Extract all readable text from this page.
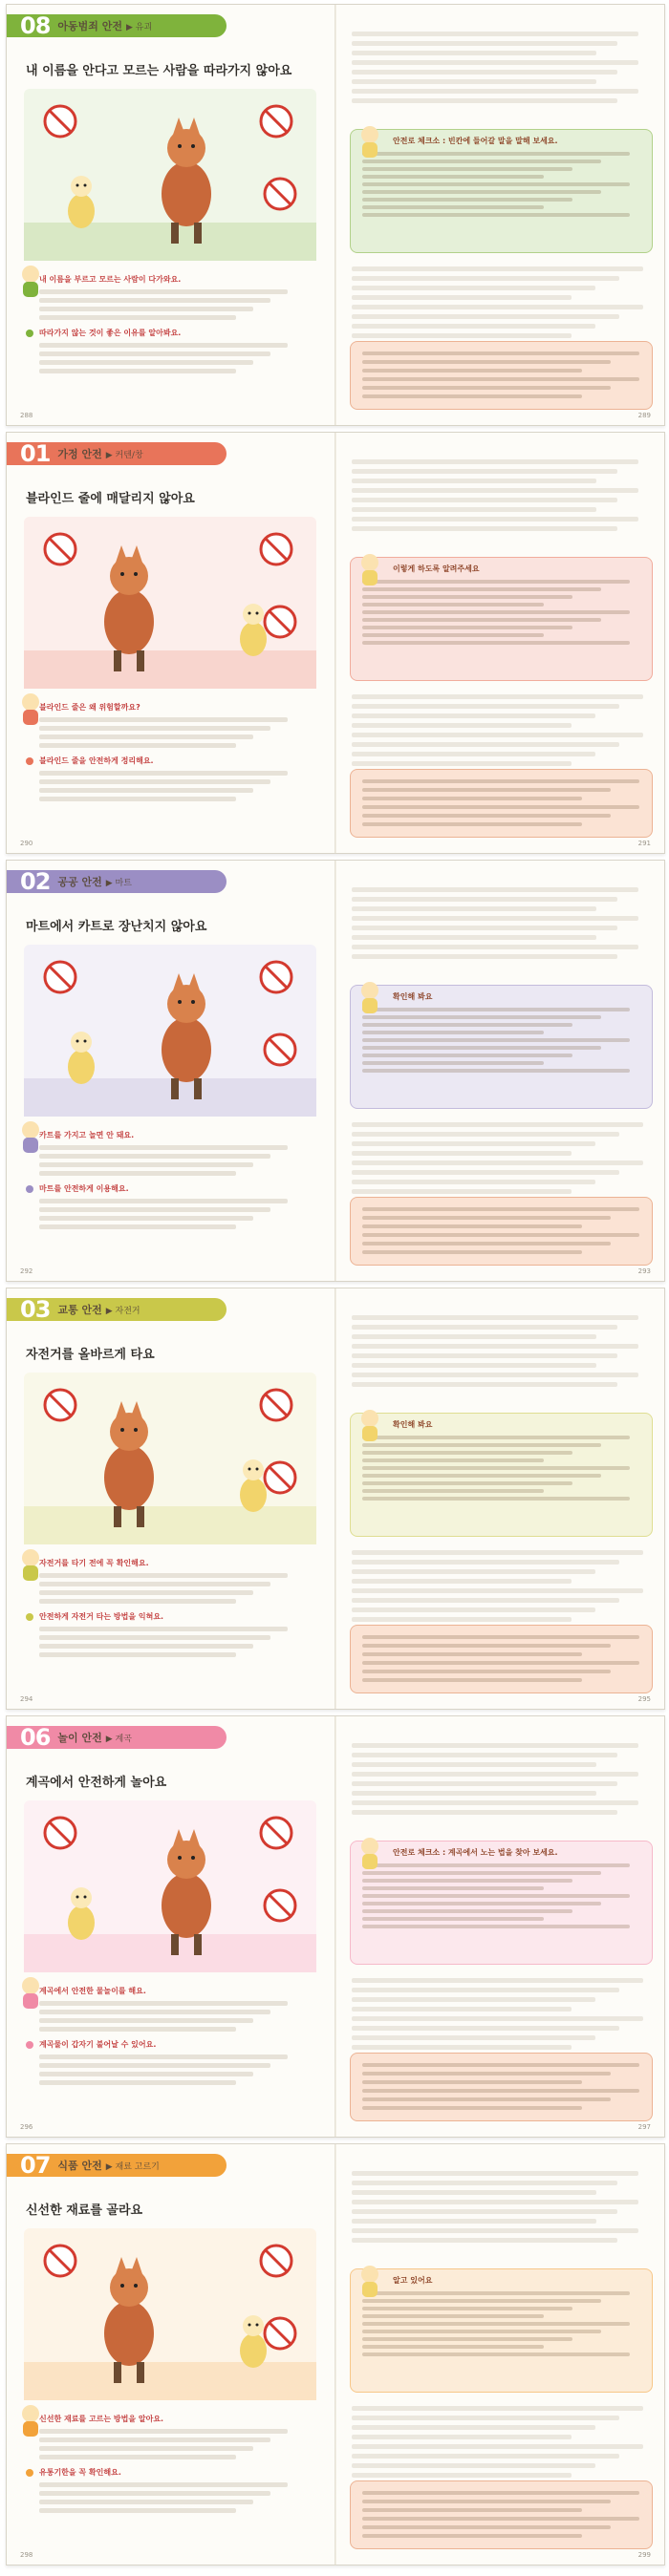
08 아동범죄 안전 ▶ 유괴
내 이름을 안다고 모르는 사람을 따라가지 않아요
내 이름을 부르고 모르는 사람이 다가와요.
따라가지 않는 것이 좋은 이유를 알아봐요.
288
안전로 체크소 : 빈칸에 들어갈 말을 말해 보세요.
289
01 가정 안전 ▶ 커텐/창
블라인드 줄에 매달리지 않아요
블라인드 줄은 왜 위험할까요?
블라인드 줄을 안전하게 정리해요.
290
이렇게 하도록 알려주세요
291
02 공공 안전 ▶ 마트
마트에서 카트로 장난치지 않아요
카트를 가지고 놀면 안 돼요.
마트를 안전하게 이용해요.
292
확인해 봐요
293
03 교통 안전 ▶ 자전거
자전거를 올바르게 타요
자전거를 타기 전에 꼭 확인해요.
안전하게 자전거 타는 방법을 익혀요.
294
확인해 봐요
295
06 놀이 안전 ▶ 계곡
계곡에서 안전하게 놀아요
계곡에서 안전한 물놀이를 해요.
계곡물이 갑자기 불어날 수 있어요.
296
안전로 체크소 : 계곡에서 노는 법을 찾아 보세요.
297
07 식품 안전 ▶ 재료 고르기
신선한 재료를 골라요
신선한 재료를 고르는 방법을 알아요.
유통기한을 꼭 확인해요.
298
알고 있어요
299
